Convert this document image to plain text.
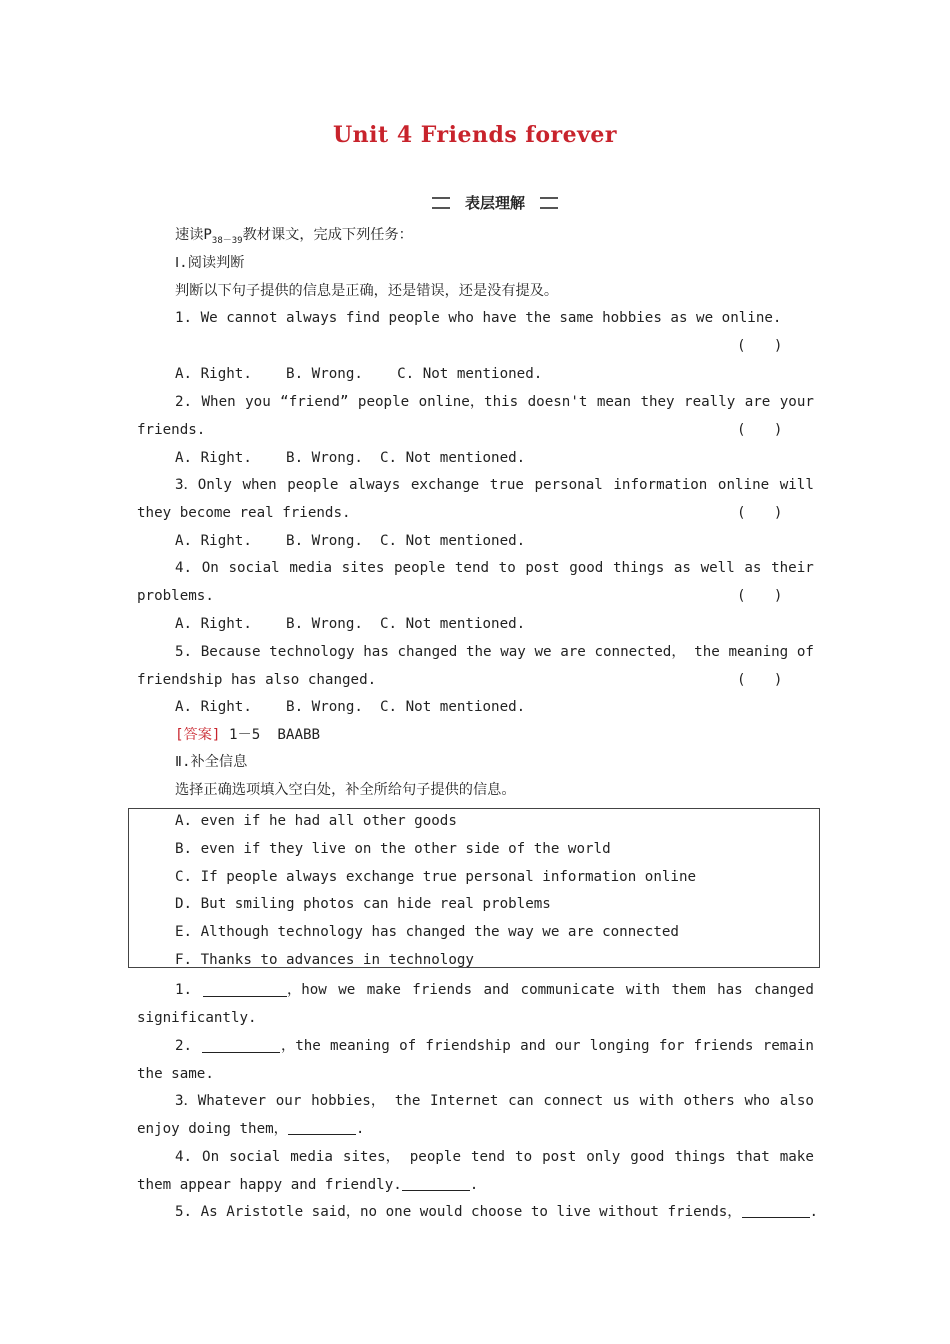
Unit 4 Friends forever
表层理解
速读$P_{38-39}$教材课文，完成下列任务：
Ⅰ.阅读判断
判断以下句子提供的信息是正确，还是错误，还是没有提及。
1. We cannot always find people who have the same hobbies as we online.
(　　)
A. Right.    B. Wrong.    C. Not mentioned.
2. When you “friend” people online，this doesn't mean they really are your
friends.	(　　)
A. Right.    B. Wrong.  C. Not mentioned.
3．Only when people always exchange true personal information online will
they become real friends.	(　　)
A. Right.    B. Wrong.  C. Not mentioned.
4. On social media sites people tend to post good things as well as their
problems.	(　　)
A. Right.    B. Wrong.  C. Not mentioned.
5. Because technology has changed the way we are connected， the meaning of
friendship has also changed.	(　　)
A. Right.    B. Wrong.  C. Not mentioned.
[答案] 1－5  BAABB
Ⅱ.补全信息
选择正确选项填入空白处，补全所给句子提供的信息。
A. even if he had all other goods
B. even if they live on the other side of the world
C. If people always exchange true personal information online
D. But smiling photos can hide real problems
E. Although technology has changed the way we are connected
F. Thanks to advances in technology
1.	，how we make friends and communicate with them has changed
significantly.
2.	，the meaning of friendship and our longing for friends remain
the same.
3．Whatever our hobbies， the Internet can connect us with others who also
enjoy doing them，	.
4. On social media sites， people tend to post only good things that make
them appear happy and friendly.	.
5. As Aristotle said，no one would choose to live without friends，	.
